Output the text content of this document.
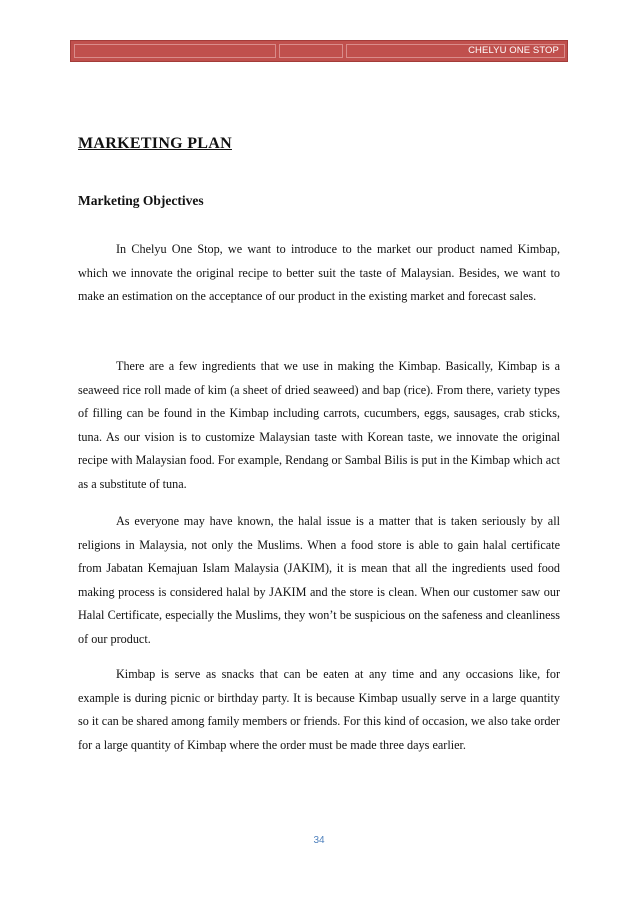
CHELYU ONE STOP
MARKETING PLAN
Marketing Objectives

In Chelyu One Stop, we want to introduce to the market our product named Kimbap, which we innovate the original recipe to better suit the taste of Malaysian. Besides, we want to make an estimation on the acceptance of our product in the existing market and forecast sales.

There are a few ingredients that we use in making the Kimbap. Basically, Kimbap is a seaweed rice roll made of kim (a sheet of dried seaweed) and bap (rice). From there, variety types of filling can be found in the Kimbap including carrots, cucumbers, eggs, sausages, crab sticks, tuna. As our vision is to customize Malaysian taste with Korean taste, we innovate the original recipe with Malaysian food. For example, Rendang or Sambal Bilis is put in the Kimbap which act as a substitute of tuna.

As everyone may have known, the halal issue is a matter that is taken seriously by all religions in Malaysia, not only the Muslims. When a food store is able to gain halal certificate from Jabatan Kemajuan Islam Malaysia (JAKIM), it is mean that all the ingredients used food making process is considered halal by JAKIM and the store is clean. When our customer saw our Halal Certificate, especially the Muslims, they won’t be suspicious on the safeness and cleanliness of our product.

Kimbap is serve as snacks that can be eaten at any time and any occasions like, for example is during picnic or birthday party. It is because Kimbap usually serve in a large quantity so it can be shared among family members or friends. For this kind of occasion, we also take order for a large quantity of Kimbap where the order must be made three days earlier.

34
